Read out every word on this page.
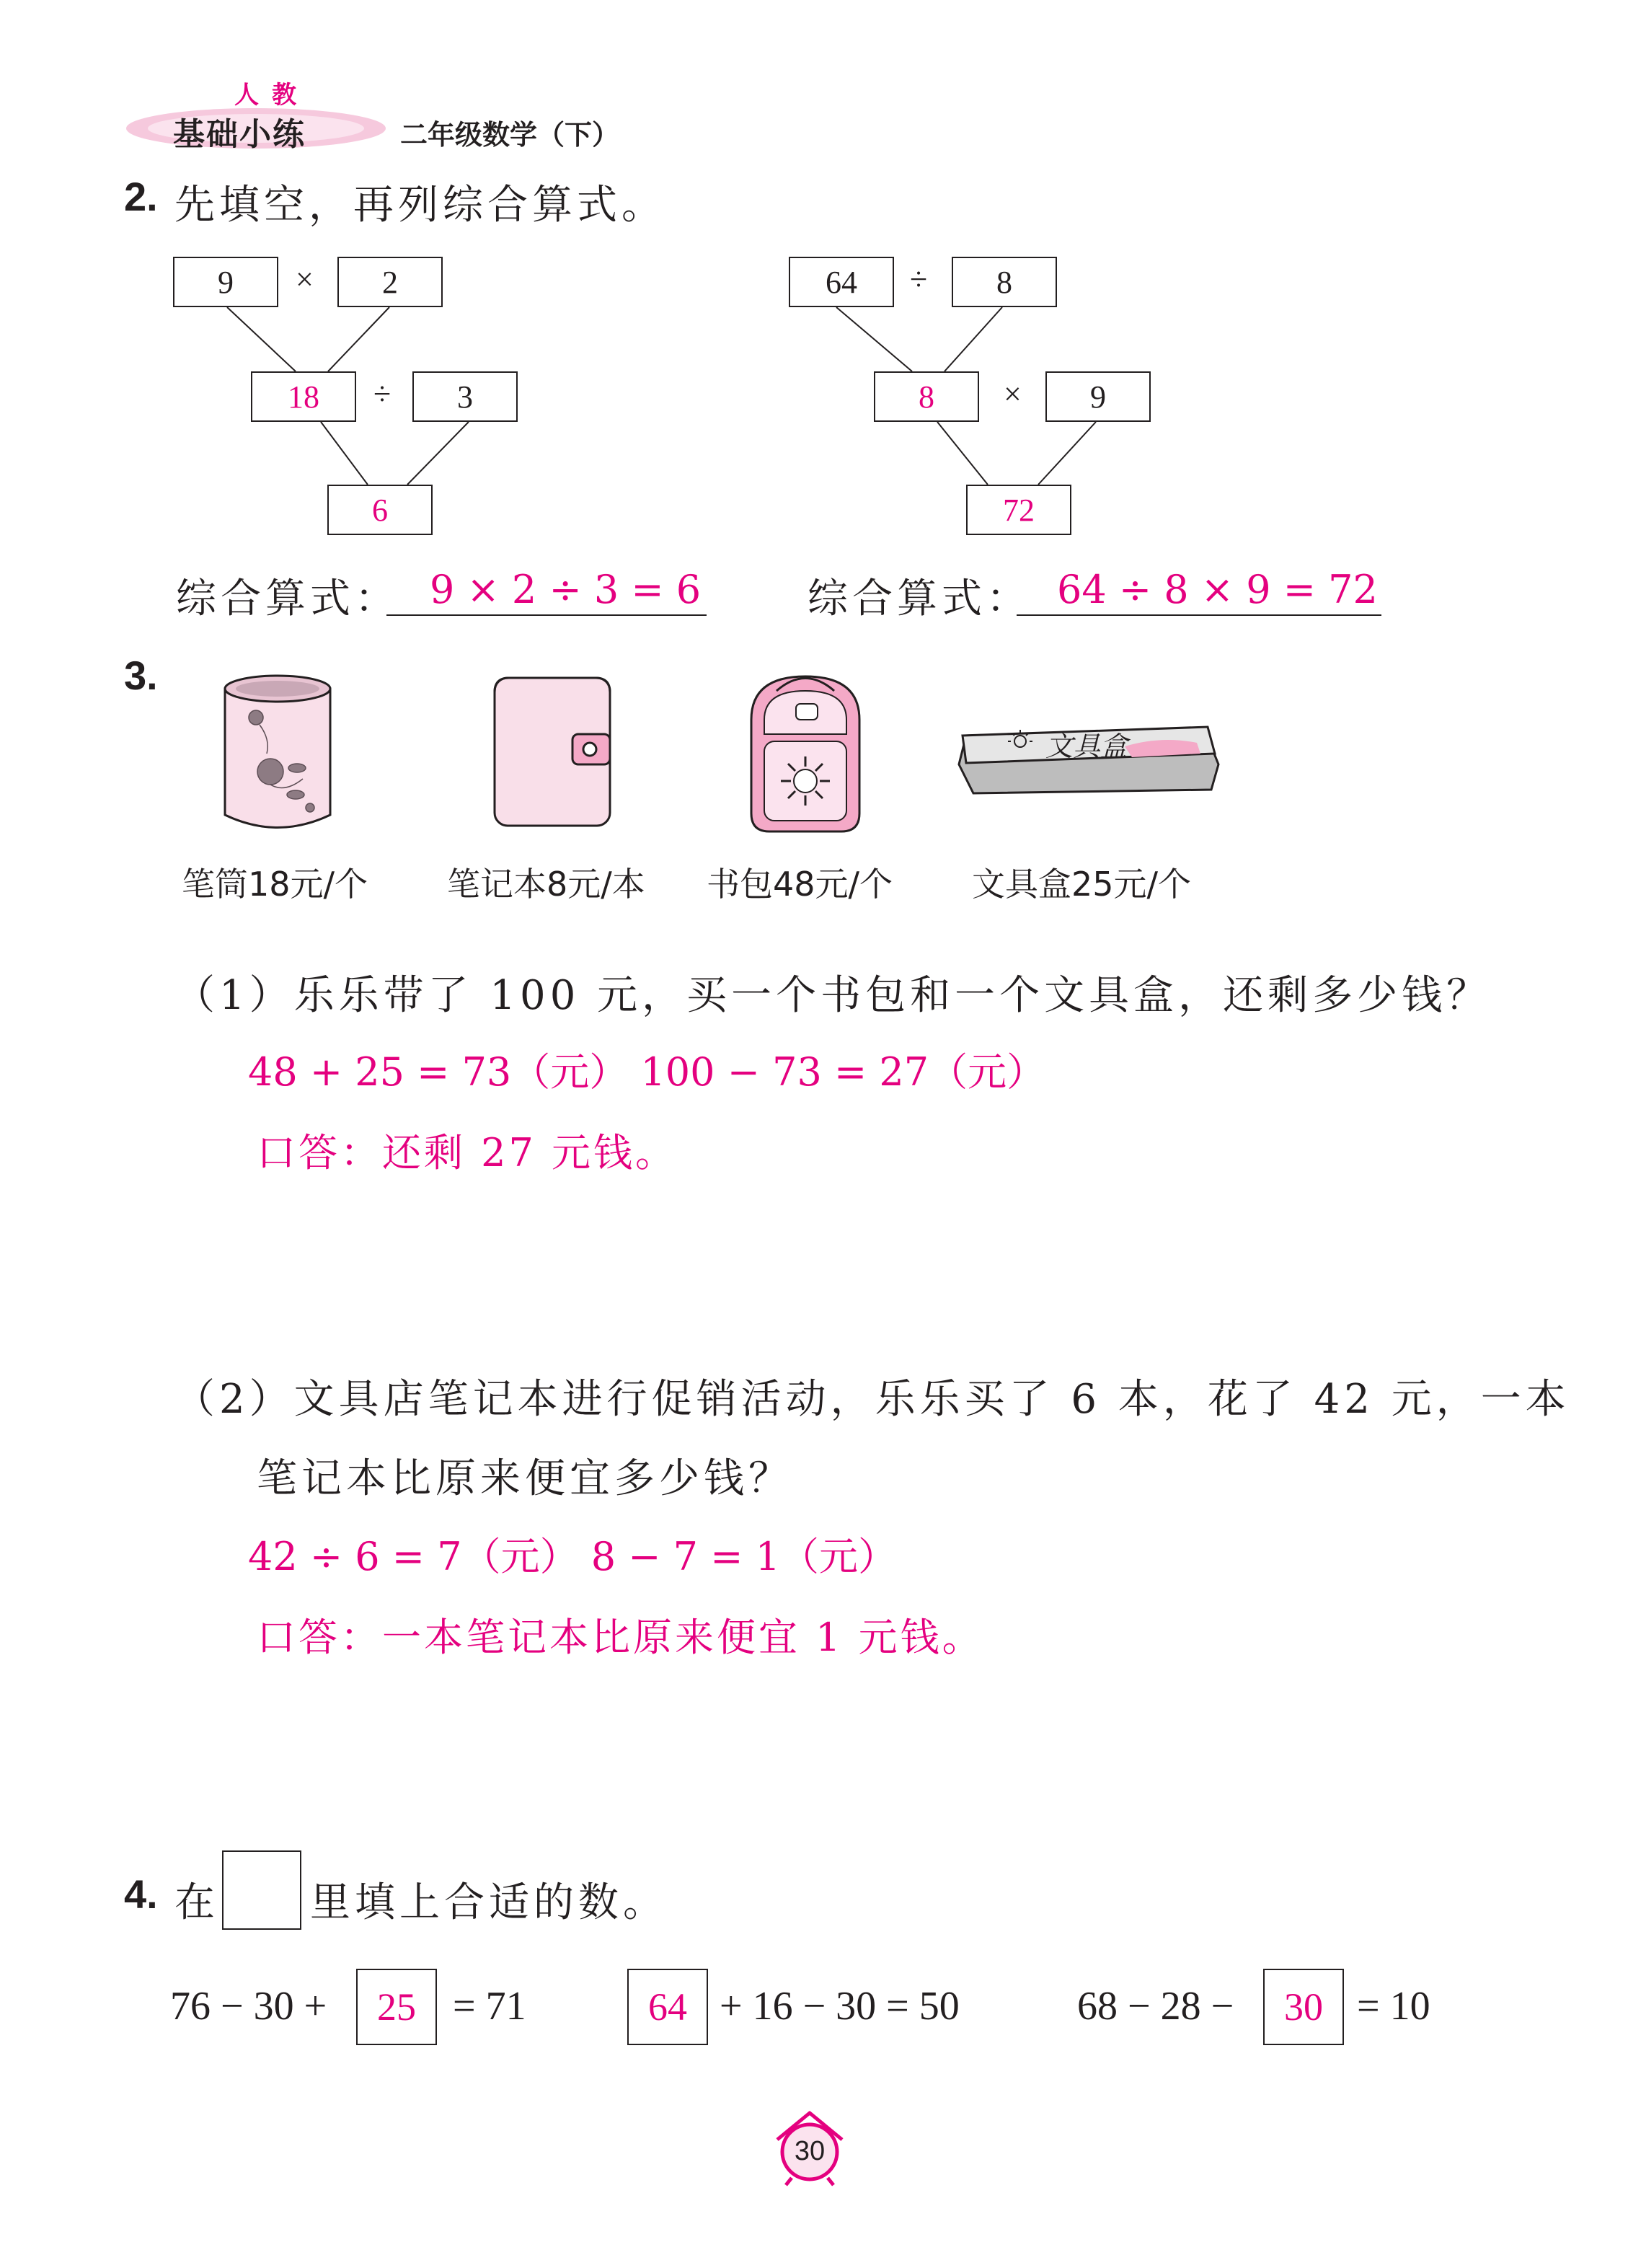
人教
基础小练	二年级数学（下）
2. 先填空，再列综合算式。
9	×	2
18	÷	3
6
64	÷	8
8	×	9
72
综合算式： 9 × 2 ÷ 3 = 6	综合算式： 64 ÷ 8 × 9 = 72
3.
文具盒
笔筒18元/个 笔记本8元/本 书包48元/个 文具盒25元/个
（1）乐乐带了 100 元，买一个书包和一个文具盒，还剩多少钱？
48 + 25 = 73（元） 100 − 73 = 27（元）
口答：还剩 27 元钱。
（2）文具店笔记本进行促销活动，乐乐买了 6 本，花了 42 元，一本
笔记本比原来便宜多少钱？
42 ÷ 6 = 7（元） 8 − 7 = 1（元）
口答：一本笔记本比原来便宜 1 元钱。
4. 在 里填上合适的数。
76 − 30 +	25 = 71	64 + 16 − 30 = 50	68 − 28 −	30 = 10
30
